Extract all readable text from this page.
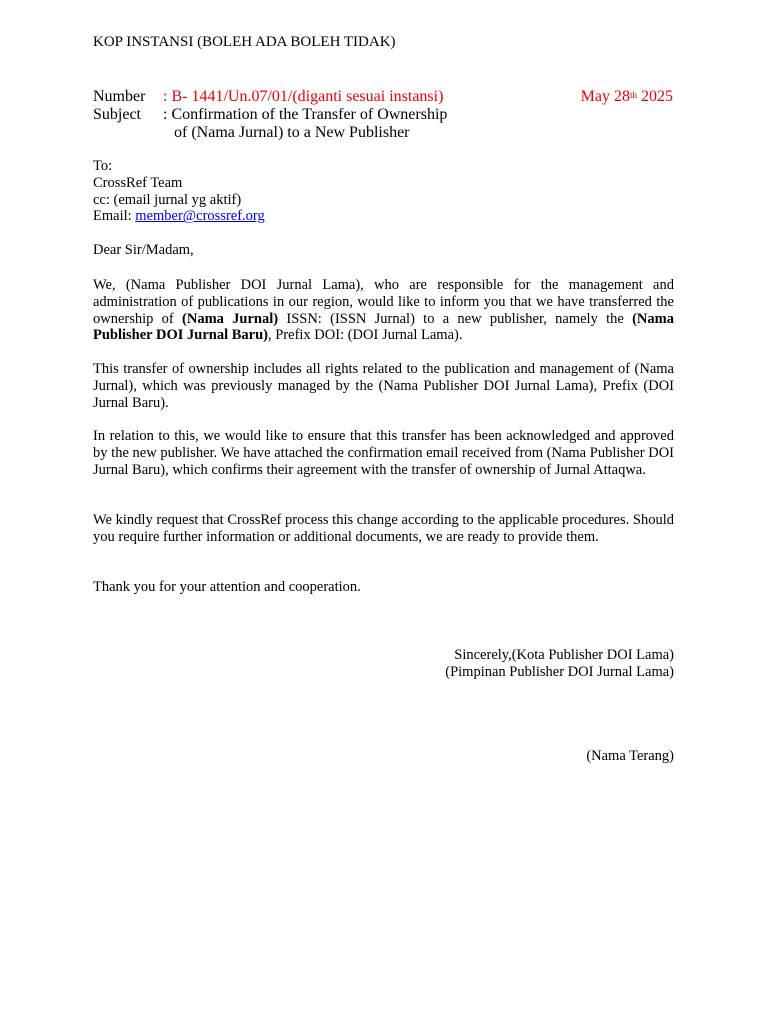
KOP INSTANSI (BOLEH ADA BOLEH TIDAK)
Number	: B- 1441/Un.07/01/(diganti sesuai instansi)
Subject	: Confirmation of the Transfer of Ownership
of (Nama Jurnal) to a New Publisher
May 28th 2025
To:
CrossRef Team
cc: (email jurnal yg aktif)
Email: member@crossref.org
Dear Sir/Madam,
We, (Nama Publisher DOI Jurnal Lama), who are responsible for the management and administration of publications in our region, would like to inform you that we have transferred the ownership of (Nama Jurnal) ISSN: (ISSN Jurnal) to a new publisher, namely the (Nama Publisher DOI Jurnal Baru), Prefix DOI: (DOI Jurnal Lama).
This transfer of ownership includes all rights related to the publication and management of (Nama Jurnal), which was previously managed by the (Nama Publisher DOI Jurnal Lama), Prefix (DOI Jurnal Baru).
In relation to this, we would like to ensure that this transfer has been acknowledged and approved by the new publisher. We have attached the confirmation email received from (Nama Publisher DOI Jurnal Baru), which confirms their agreement with the transfer of ownership of Jurnal Attaqwa.
We kindly request that CrossRef process this change according to the applicable procedures. Should you require further information or additional documents, we are ready to provide them.
Thank you for your attention and cooperation.
Sincerely,(Kota Publisher DOI Lama)
(Pimpinan Publisher DOI Jurnal Lama)
(Nama Terang)
